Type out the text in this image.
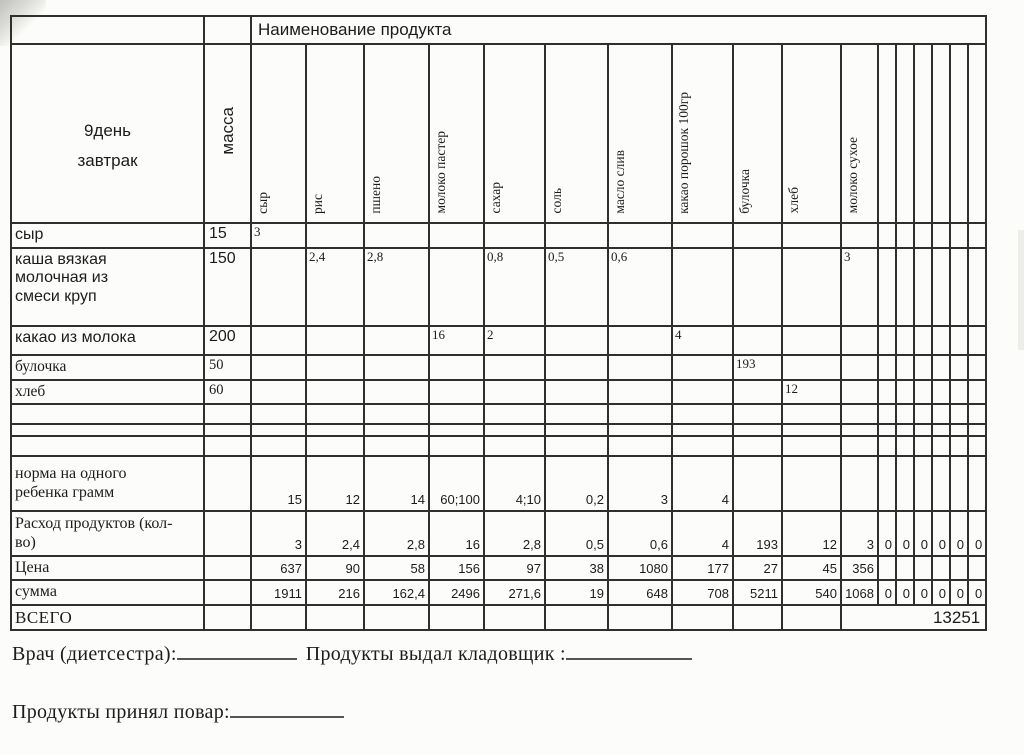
		Наименование продукта																

9день
завтрак	масса	сыр	рис	пшено	молоко пастер	сахар	соль	масло слив	какао порошок 100гр	булочка	хлеб	молоко сухое						
сыр	15	3																
каша вязкая молочная из смеси круп	150		2,4	2,8		0,8	0,5	0,6				3						
какао из молока	200				16	2			4									
булочка	50									193								
хлеб	60										12							

норма на одного ребенка грамм		15	12	14	60;100	4;10	0,2	3	4									
Расход продуктов (кол-во)		3	2,4	2,8	16	2,8	0,5	0,6	4	193	12	3	0	0	0	0	0	0
Цена		637	90	58	156	97	38	1080	177	27	45	356						
сумма		1911	216	162,4	2496	271,6	19	648	708	5211	540	1068	0	0	0	0	0	0
ВСЕГО												13251						
Врач (диетсестра):	Продукты выдал кладовщик :
Продукты принял повар:
